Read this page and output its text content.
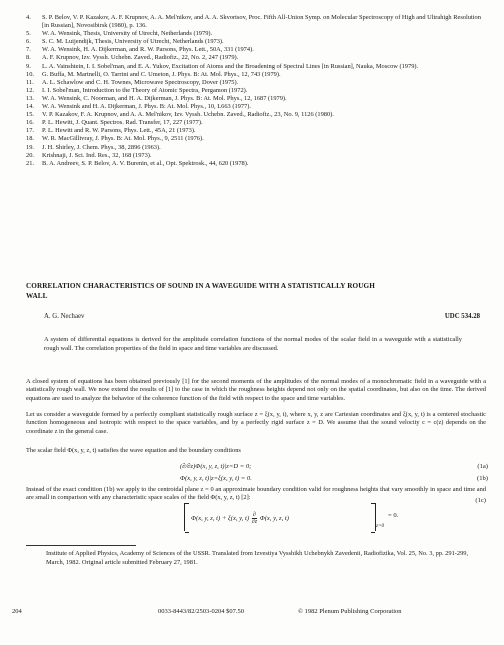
4.	S. P. Belov, V. P. Kazakov, A. F. Krupnov, A. A. Mel'nikov, and A. A. Skvortsov, Proc. Fifth All-Union Symp. on Molecular Spectroscopy of High and Ultrahigh Resolution [in Russian], Novosibirsk (1980), p. 136.
5.	W. A. Wensink, Thesis, University of Utrecht, Netherlands (1979).
6.	S. C. M. Luijendijk, Thesis, University of Utrecht, Netherlands (1973).
7.	W. A. Wensink, H. A. Dijkerman, and R. W. Parsons, Phys. Lett., 50A, 331 (1974).
8.	A. F. Krupnov, Izv. Vyssh. Uchebn. Zaved., Radiofiz., 22, No. 2, 247 (1979).
9.	L. A. Vainshtein, I. I. Sobel'man, and E. A. Yukov, Excitation of Atoms and the Broadening of Spectral Lines [in Russian], Nauka, Moscow (1979).
10.	G. Buffa, M. Martnelli, O. Tarrini and C. Umeton, J. Phys. B: At. Mol. Phys., 12, 743 (1979).
11.	A. L. Schawlow and C. H. Townes, Microwave Spectroscopy, Dover (1975).
12.	I. I. Sobel'man, Introduction to the Theory of Atomic Spectra, Pergamon (1972).
13.	W. A. Wensink, C. Noorman, and H. A. Dijkerman, J. Phys. B: At. Mol. Phys., 12, 1687 (1979).
14.	W. A. Wensink and H. A. Dijkerman, J. Phys. B: At. Mol. Phys., 10, L663 (1977).
15.	V. P. Kazakov, F. A. Krupnov, and A. A. Mel'nikov, Izv. Vyssh. Uchebn. Zaved., Radiofiz., 23, No. 9, 1126 (1980).
16.	P. L. Hewitt, J. Quant. Spectros. Rad. Transfer, 17, 227 (1977).
17.	P. L. Hewitt and R. W. Parsons, Phys. Lett., 45A, 21 (1973).
18.	W. R. MacGillivray, J. Phys. B: At. Mol. Phys., 9, 2511 (1976).
19.	J. H. Shirley, J. Chem. Phys., 38, 2896 (1963).
20.	Krishnaji, J. Sci. Ind. Res., 32, 168 (1973).
21.	B. A. Andreev, S. P. Belov, A. V. Burenin, et al., Opt. Spektrosk., 44, 620 (1978).
CORRELATION CHARACTERISTICS OF SOUND IN A WAVEGUIDE WITH A STATISTICALLY ROUGH WALL
A. G. Nechaev	UDC 534.28
A system of differential equations is derived for the amplitude correlation functions of the normal modes of the scalar field in a waveguide with a statistically rough wall. The correlation properties of the field in space and time variables are discussed.
A closed system of equations has been obtained previously [1] for the second moments of the amplitudes of the normal modes of a monochromatic field in a waveguide with a statistically rough wall. We now extend the results of [1] to the case in which the roughness heights depend not only on the spatial coordinates, but also on the time. The derived equations are used to analyze the behavior of the coherence function of the field with respect to the space and time variables.
Let us consider a waveguide formed by a perfectly compliant statistically rough surface z = ξ(x, y, t), where x, y, z are Cartesian coordinates and ξ(x, y, t) is a centered stochastic function homogeneous and isotropic with respect to the space variables, and by a perfectly rigid surface z = D. We assume that the sound velocity c = c(z) depends on the coordinate z in the general case.
The scalar field Φ(x, y, z, t) satisfies the wave equation and the boundary conditions
(∂/∂z)Φ(x, y, z, t)|z=D = 0;	(1a)
Φ(x, y, z, t)|z=ξ(x, y, t) = 0.	(1b)
Instead of the exact condition (1b) we apply to the centroidal plane z = 0 an approximate boundary condition valid for roughness heights that vary smoothly in space and time and are small in comparison with any characteristic space scales of the field Φ(x, y, z, t) [2]:
Φ(x, y, z, t) + ξ(x, y, $t) \frac{\partial}{\partial z} \Phi(x$, y, z, t)
z=0
= 0.
(1c)
Institute of Applied Physics, Academy of Sciences of the USSR. Translated from Izvestiya Vysshikh Uchebnykh Zavedenii, Radiofizika, Vol. 25, No. 3, pp. 291-299, March, 1982. Original article submitted February 27, 1981.
204	0033-8443/82/2503-0204 $07.50	© 1982 Plenum Publishing Corporation
